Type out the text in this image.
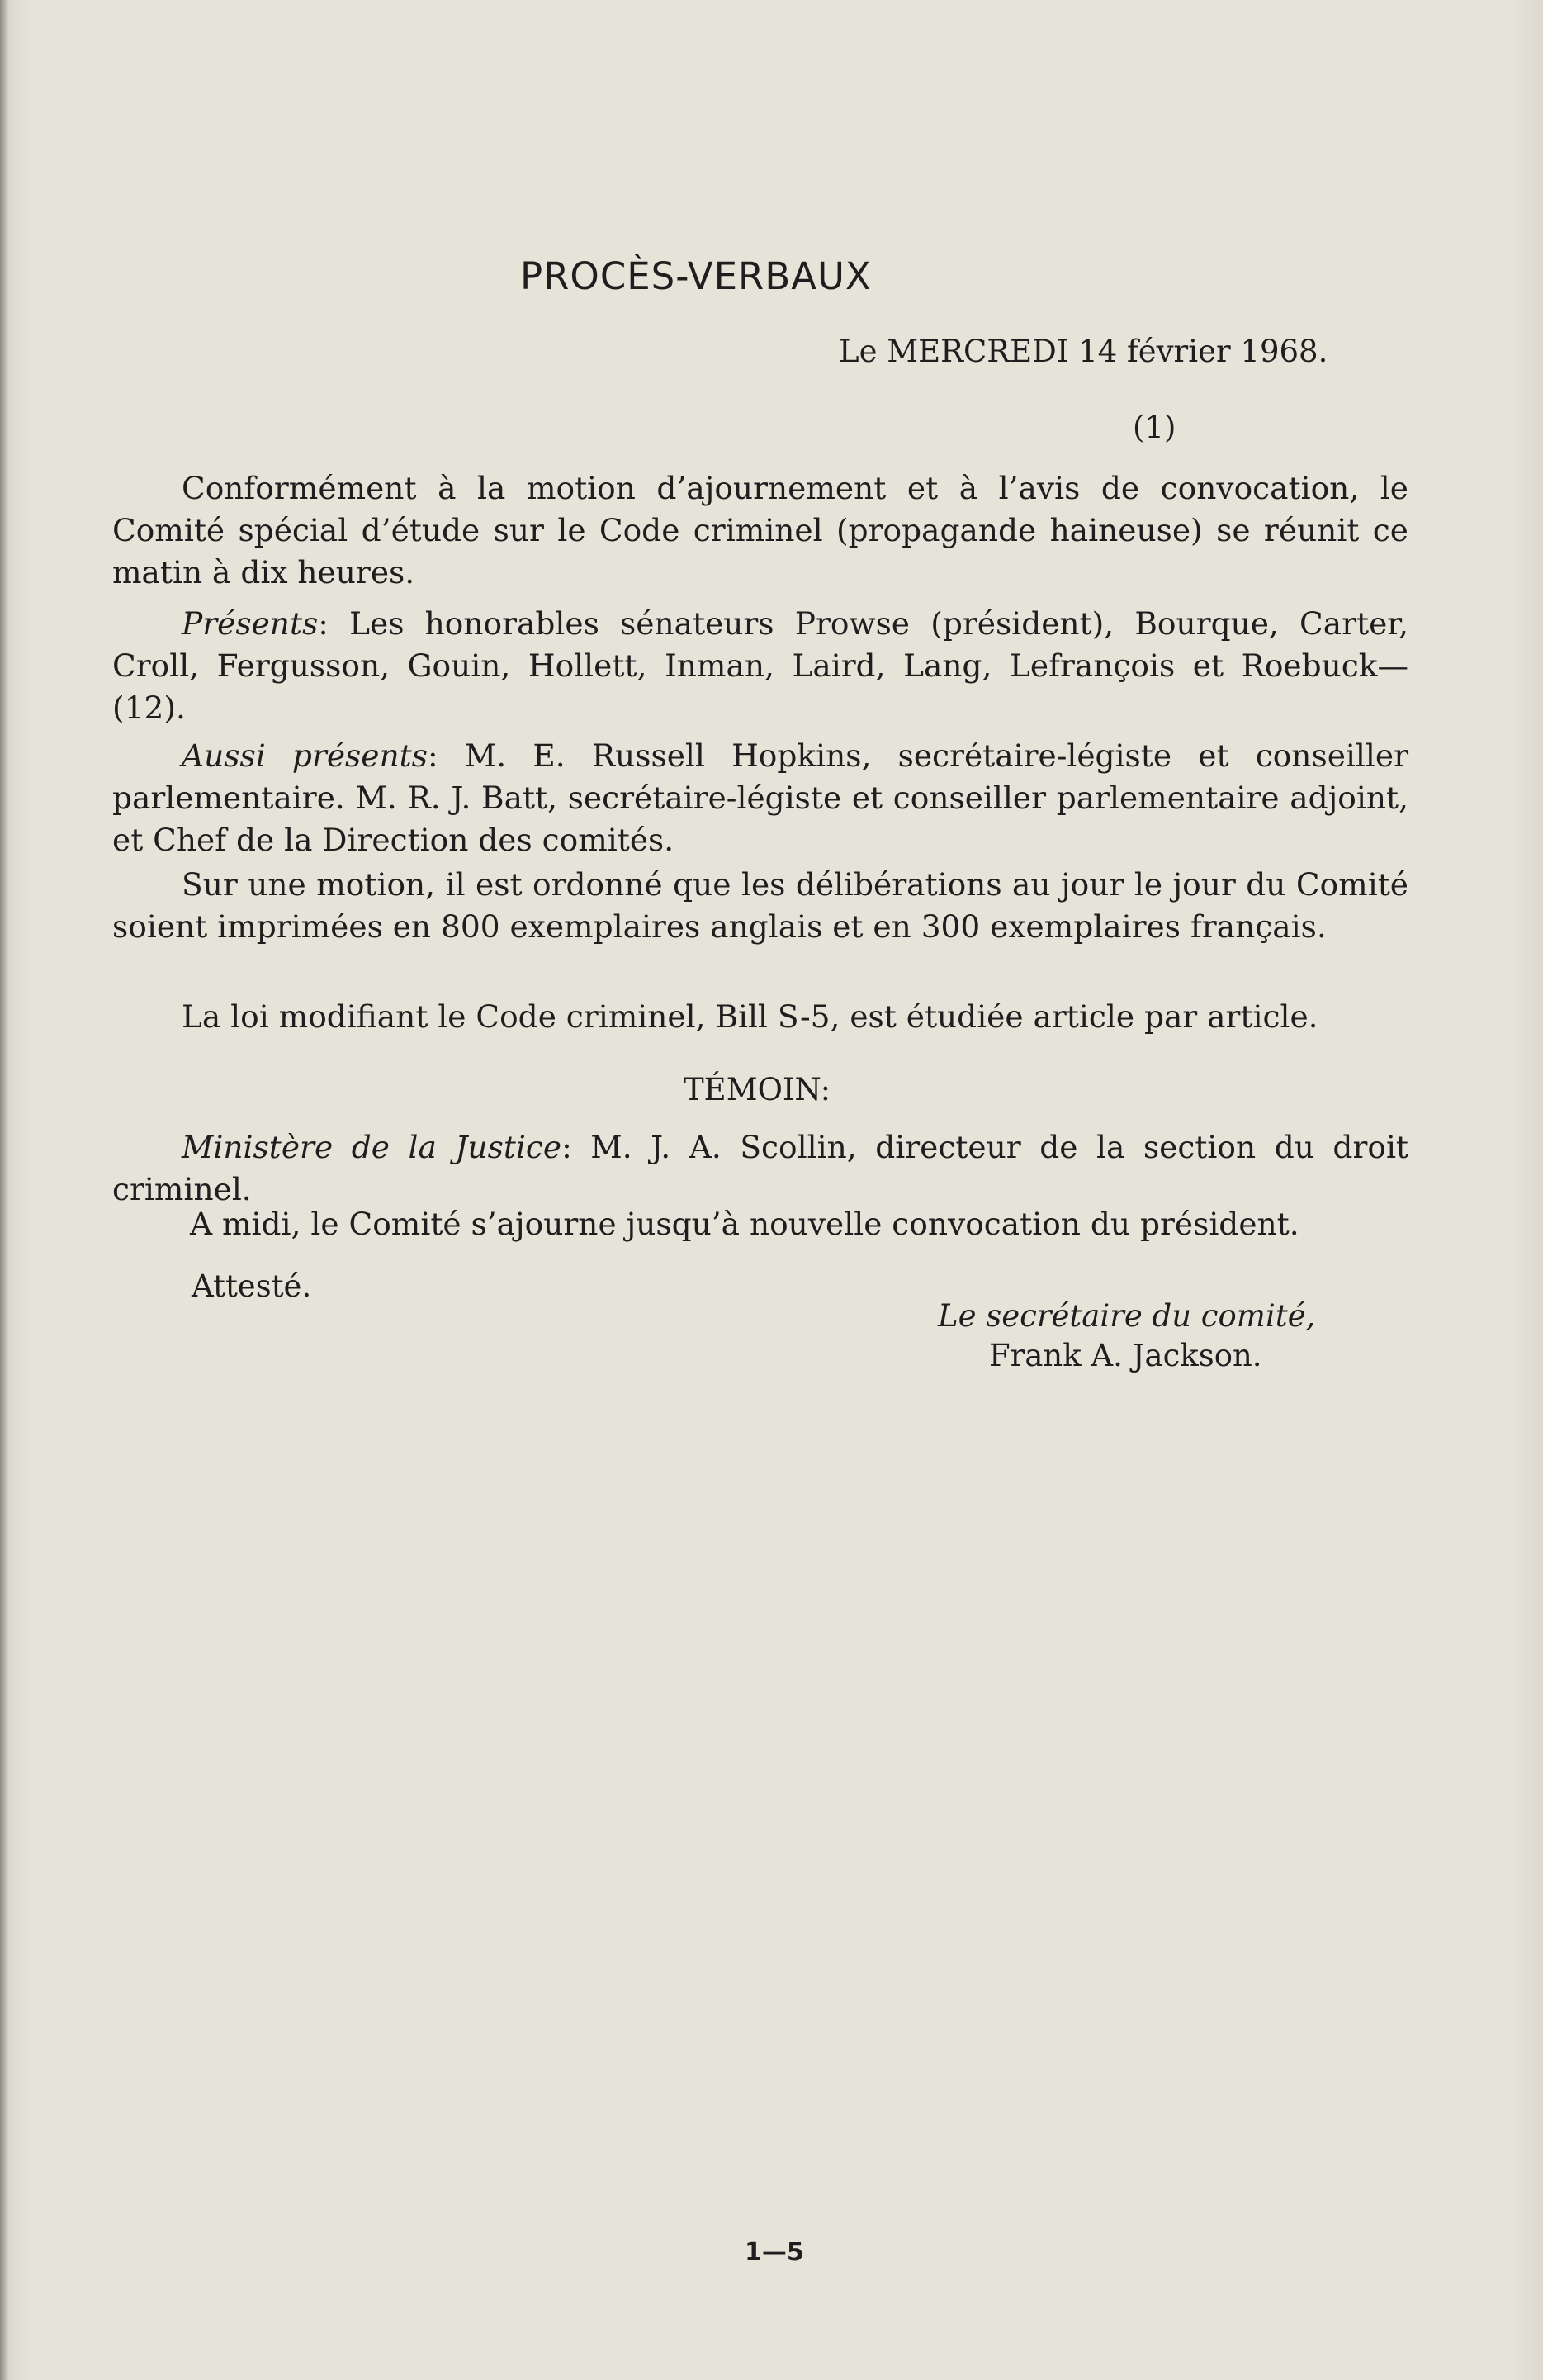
PROCÈS-VERBAUX
Le MERCREDI 14 février 1968.
(1)

Conformément à la motion d’ajournement et à l’avis de convocation, le Comité spécial d’étude sur le Code criminel (propagande haineuse) se réunit ce matin à dix heures.

Présents: Les honorables sénateurs Prowse (président), Bourque, Carter, Croll, Fergusson, Gouin, Hollett, Inman, Laird, Lang, Lefrançois et Roebuck—(12).

Aussi présents: M. E. Russell Hopkins, secrétaire-légiste et conseiller parlementaire. M. R. J. Batt, secrétaire-légiste et conseiller parlementaire adjoint, et Chef de la Direction des comités.

Sur une motion, il est ordonné que les délibérations au jour le jour du Comité soient imprimées en 800 exemplaires anglais et en 300 exemplaires français.

La loi modifiant le Code criminel, Bill S-5, est étudiée article par article.

TÉMOIN:

Ministère de la Justice: M. J. A. Scollin, directeur de la section du droit criminel.

A midi, le Comité s’ajourne jusqu’à nouvelle convocation du président.
Attesté.
Le secrétaire du comité,
Frank A. Jackson.
1—5
